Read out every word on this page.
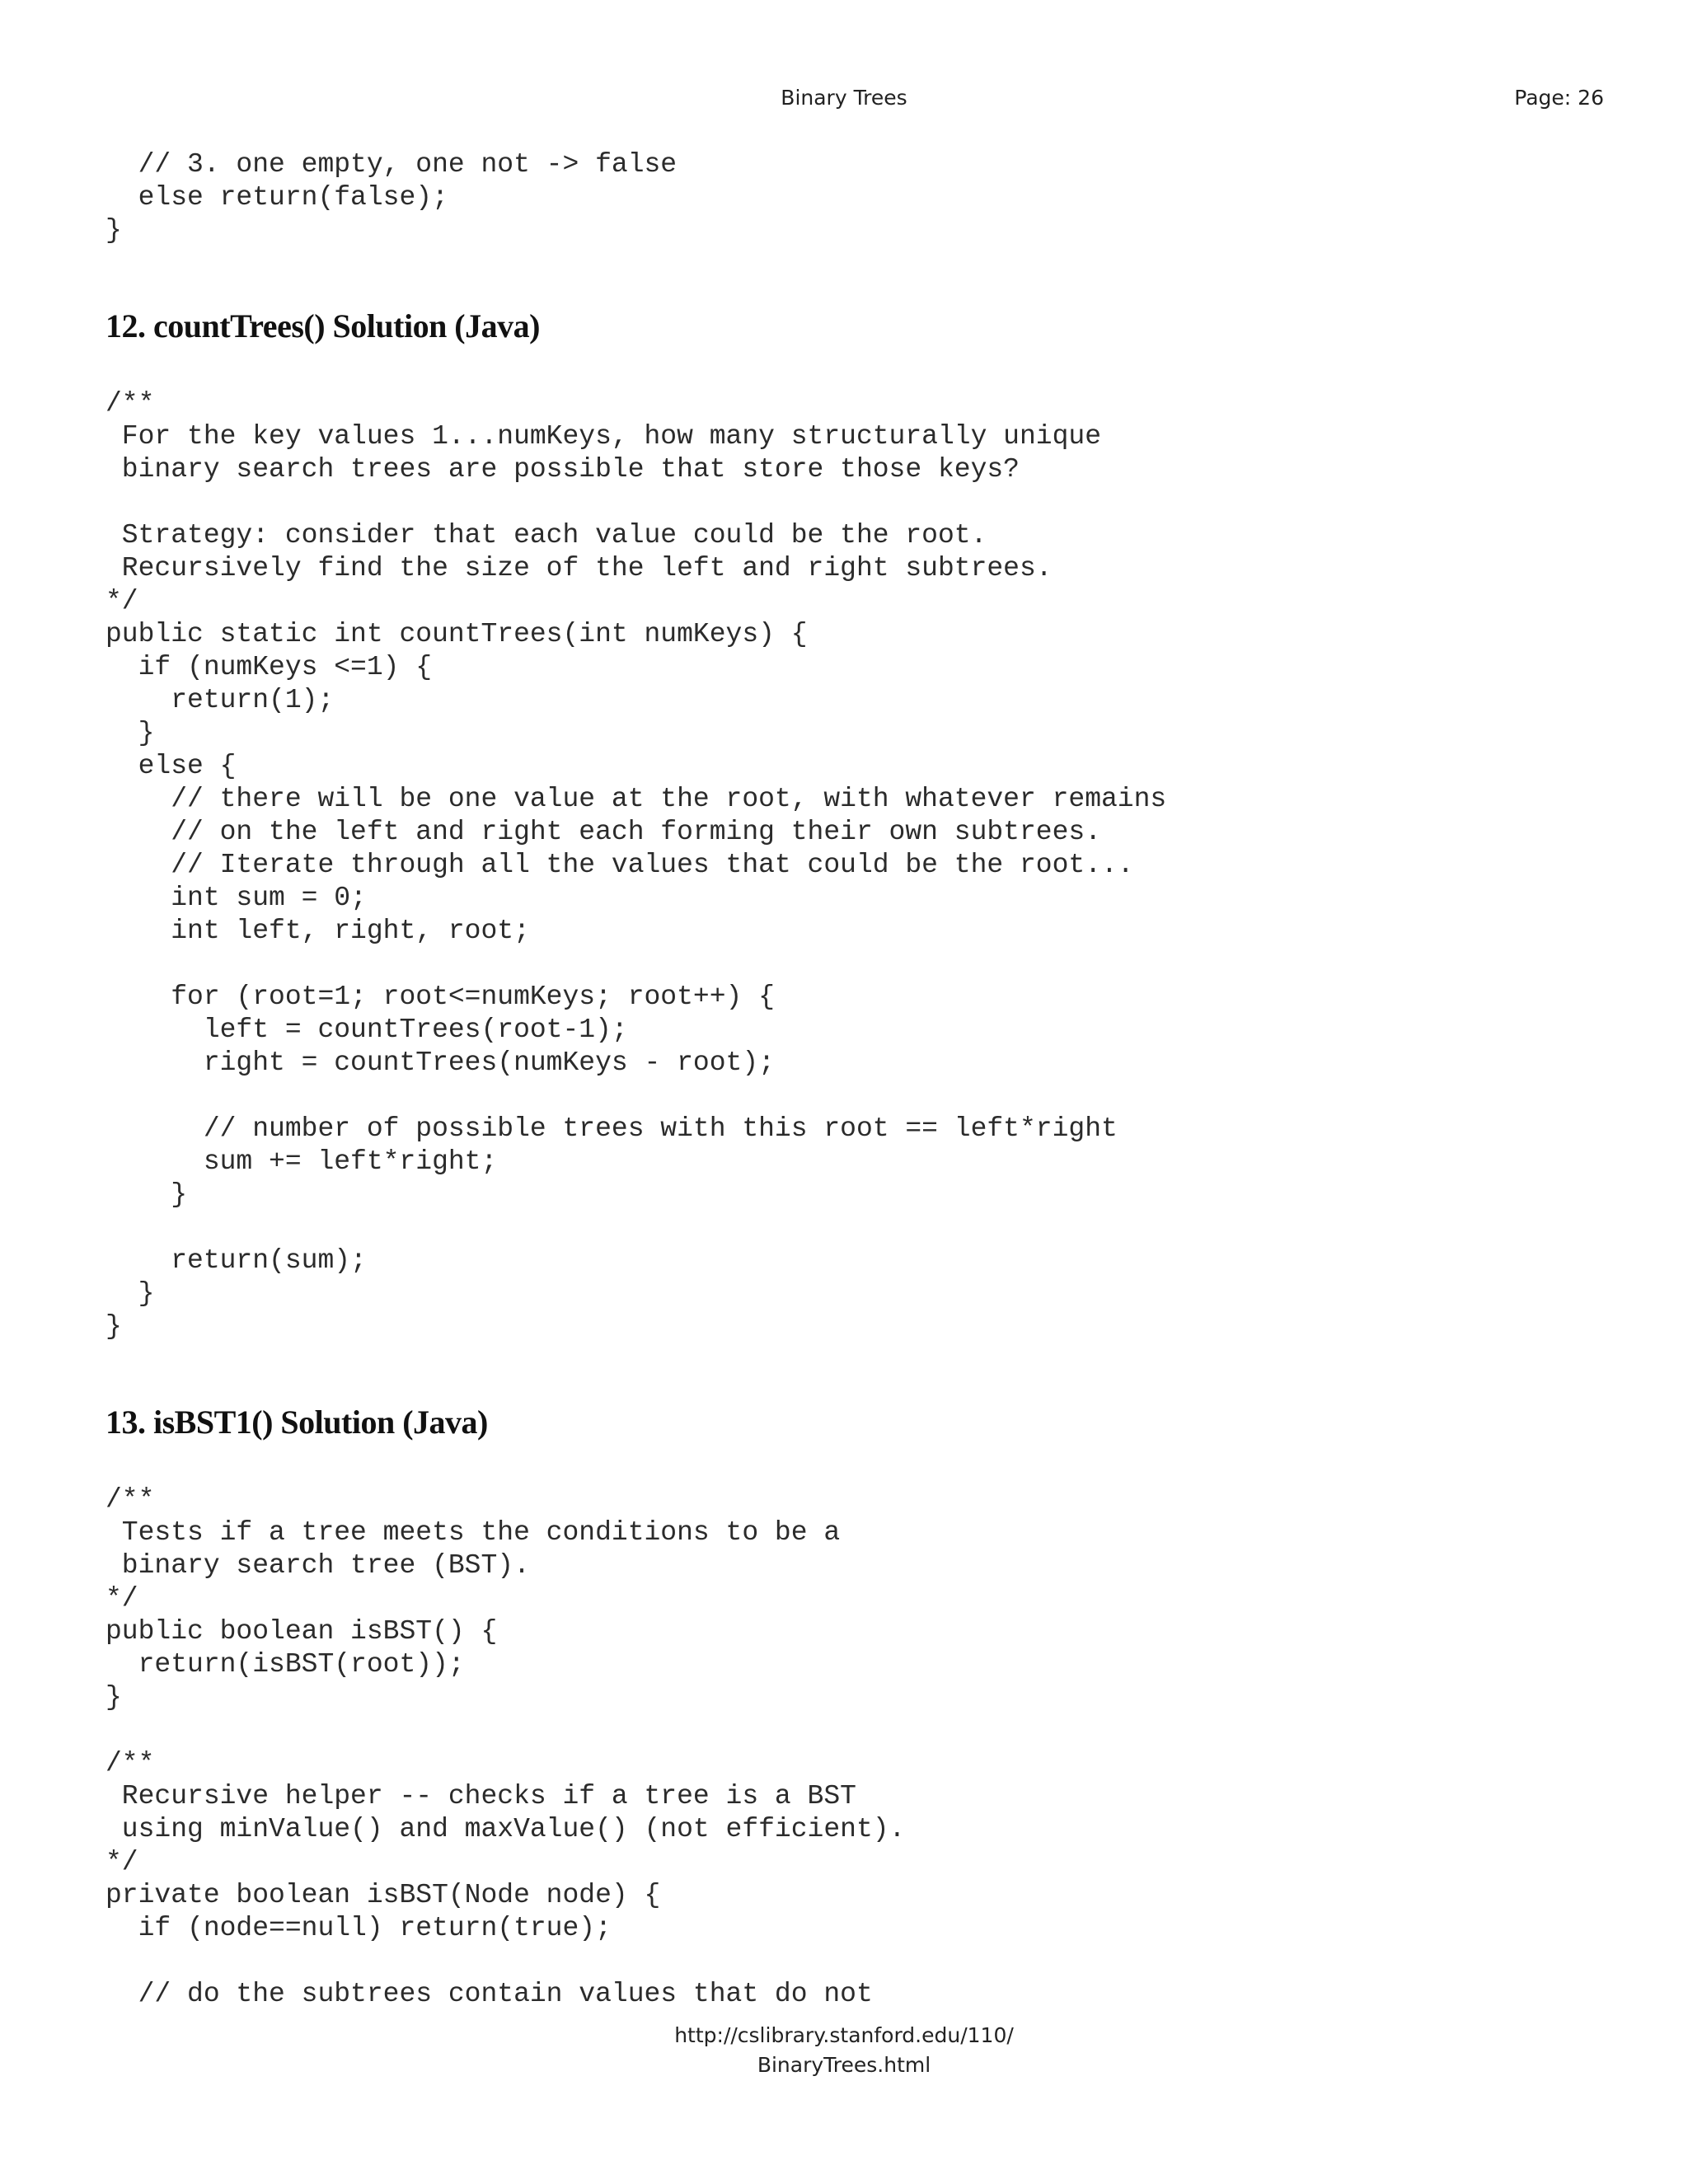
Binary Trees	Page: 26
// 3. one empty, one not -> false
else return(false);
}
12. countTrees() Solution (Java)
/**
For the key values 1...numKeys, how many structurally unique
binary search trees are possible that store those keys?

Strategy: consider that each value could be the root.
Recursively find the size of the left and right subtrees.
*/
public static int countTrees(int numKeys) {
if (numKeys <=1) {
return(1);
}
else {
// there will be one value at the root, with whatever remains
// on the left and right each forming their own subtrees.
// Iterate through all the values that could be the root...
int sum = 0;
int left, right, root;

for (root=1; root<=numKeys; root++) {
left = countTrees(root-1);
right = countTrees(numKeys - root);

// number of possible trees with this root == left*right
sum += left*right;
}

return(sum);
}
}
13. isBST1() Solution (Java)
/**
Tests if a tree meets the conditions to be a
binary search tree (BST).
*/
public boolean isBST() {
return(isBST(root));
}

/**
Recursive helper -- checks if a tree is a BST
using minValue() and maxValue() (not efficient).
*/
private boolean isBST(Node node) {
if (node==null) return(true);

// do the subtrees contain values that do not
http://cslibrary.stanford.edu/110/
BinaryTrees.html
